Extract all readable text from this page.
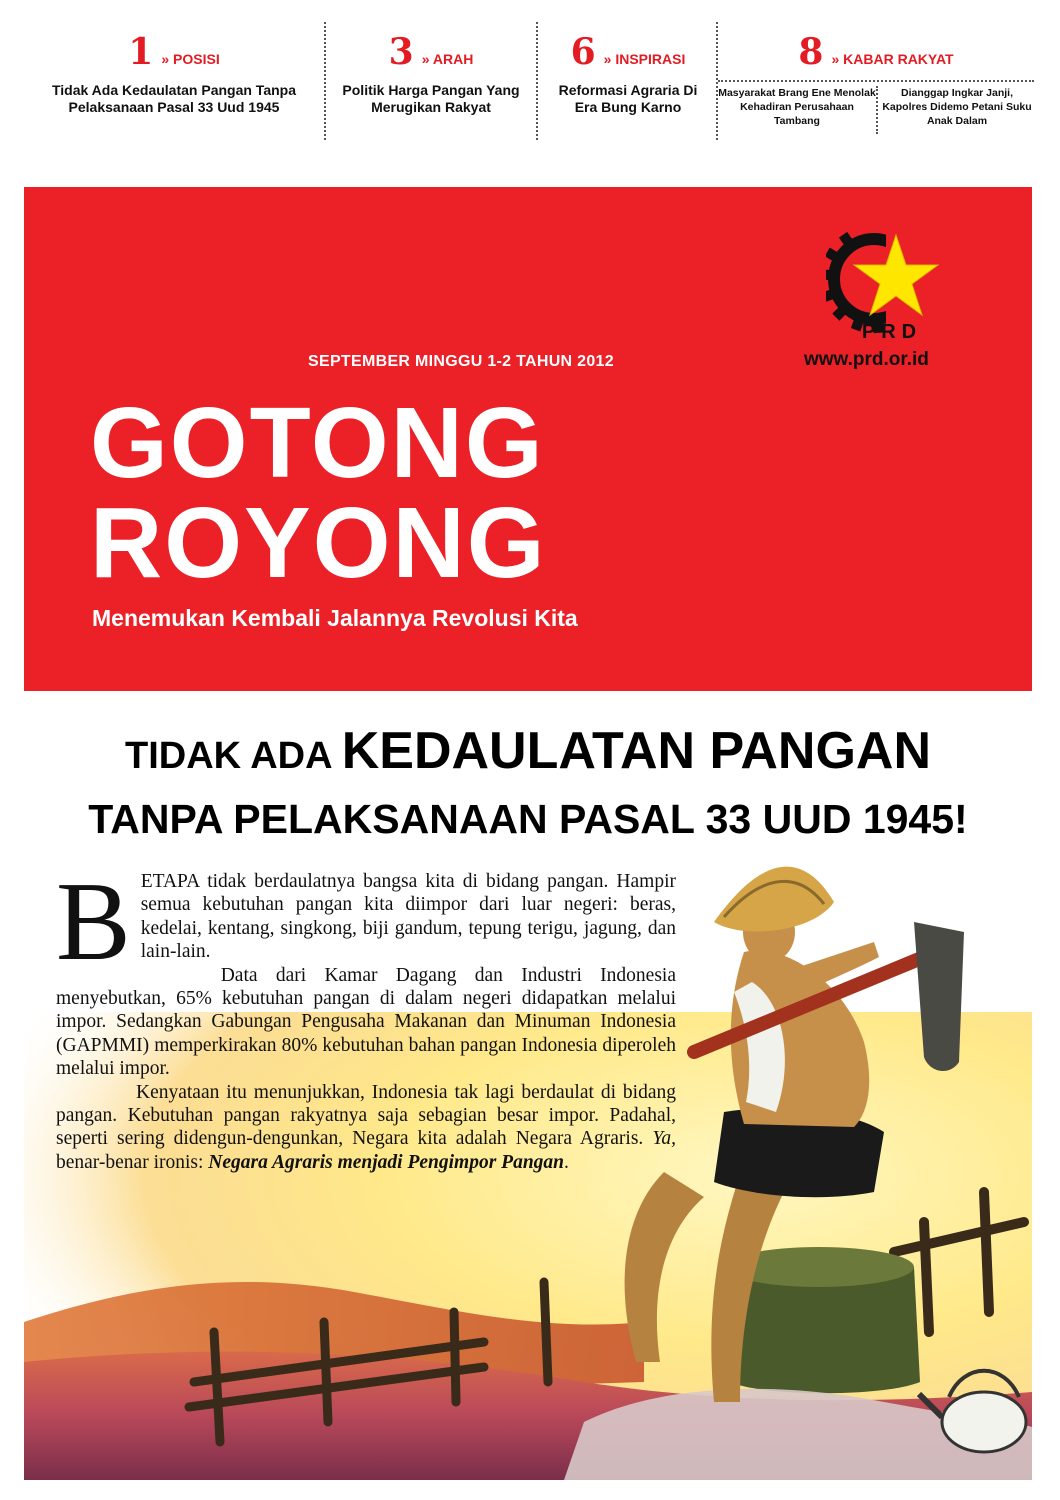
1 » POSISI
Tidak Ada Kedaulatan Pangan Tanpa Pelaksanaan Pasal 33 Uud 1945
3 » ARAH
Politik Harga Pangan Yang Merugikan Rakyat
6 » INSPIRASI
Reformasi Agraria Di Era Bung Karno
8 » KABAR RAKYAT
Masyarakat Brang Ene Menolak Kehadiran Perusahaan Tambang
Dianggap Ingkar Janji, Kapolres Didemo Petani Suku Anak Dalam
SEPTEMBER MINGGU 1-2 TAHUN 2012
GOTONG
ROYONG
Menemukan Kembali Jalannya Revolusi Kita
PRD
www.prd.or.id
TIDAK ADA KEDAULATAN PANGAN
TANPA PELAKSANAAN PASAL 33 UUD 1945!
B ETAPA tidak berdaulatnya bangsa kita di bidang pangan. Hampir semua kebutuhan pangan kita diimpor dari luar negeri: beras, kedelai, kentang, singkong, biji gandum, tepung terigu, jagung, dan lain-lain.

Data dari Kamar Dagang dan Industri Indonesia menyebutkan, 65% kebutuhan pangan di dalam negeri didapatkan melalui impor. Sedangkan Gabungan Pengusaha Makanan dan Minuman Indonesia (GAPMMI) memperkirakan 80% kebutuhan bahan pangan Indonesia diperoleh melalui impor.

Kenyataan itu menunjukkan, Indonesia tak lagi berdaulat di bidang pangan. Kebutuhan pangan rakyatnya saja sebagian besar impor. Padahal, seperti sering didengun-dengunkan, Negara kita adalah Negara Agraris. Ya, benar-benar ironis: Negara Agraris menjadi Pengimpor Pangan.
